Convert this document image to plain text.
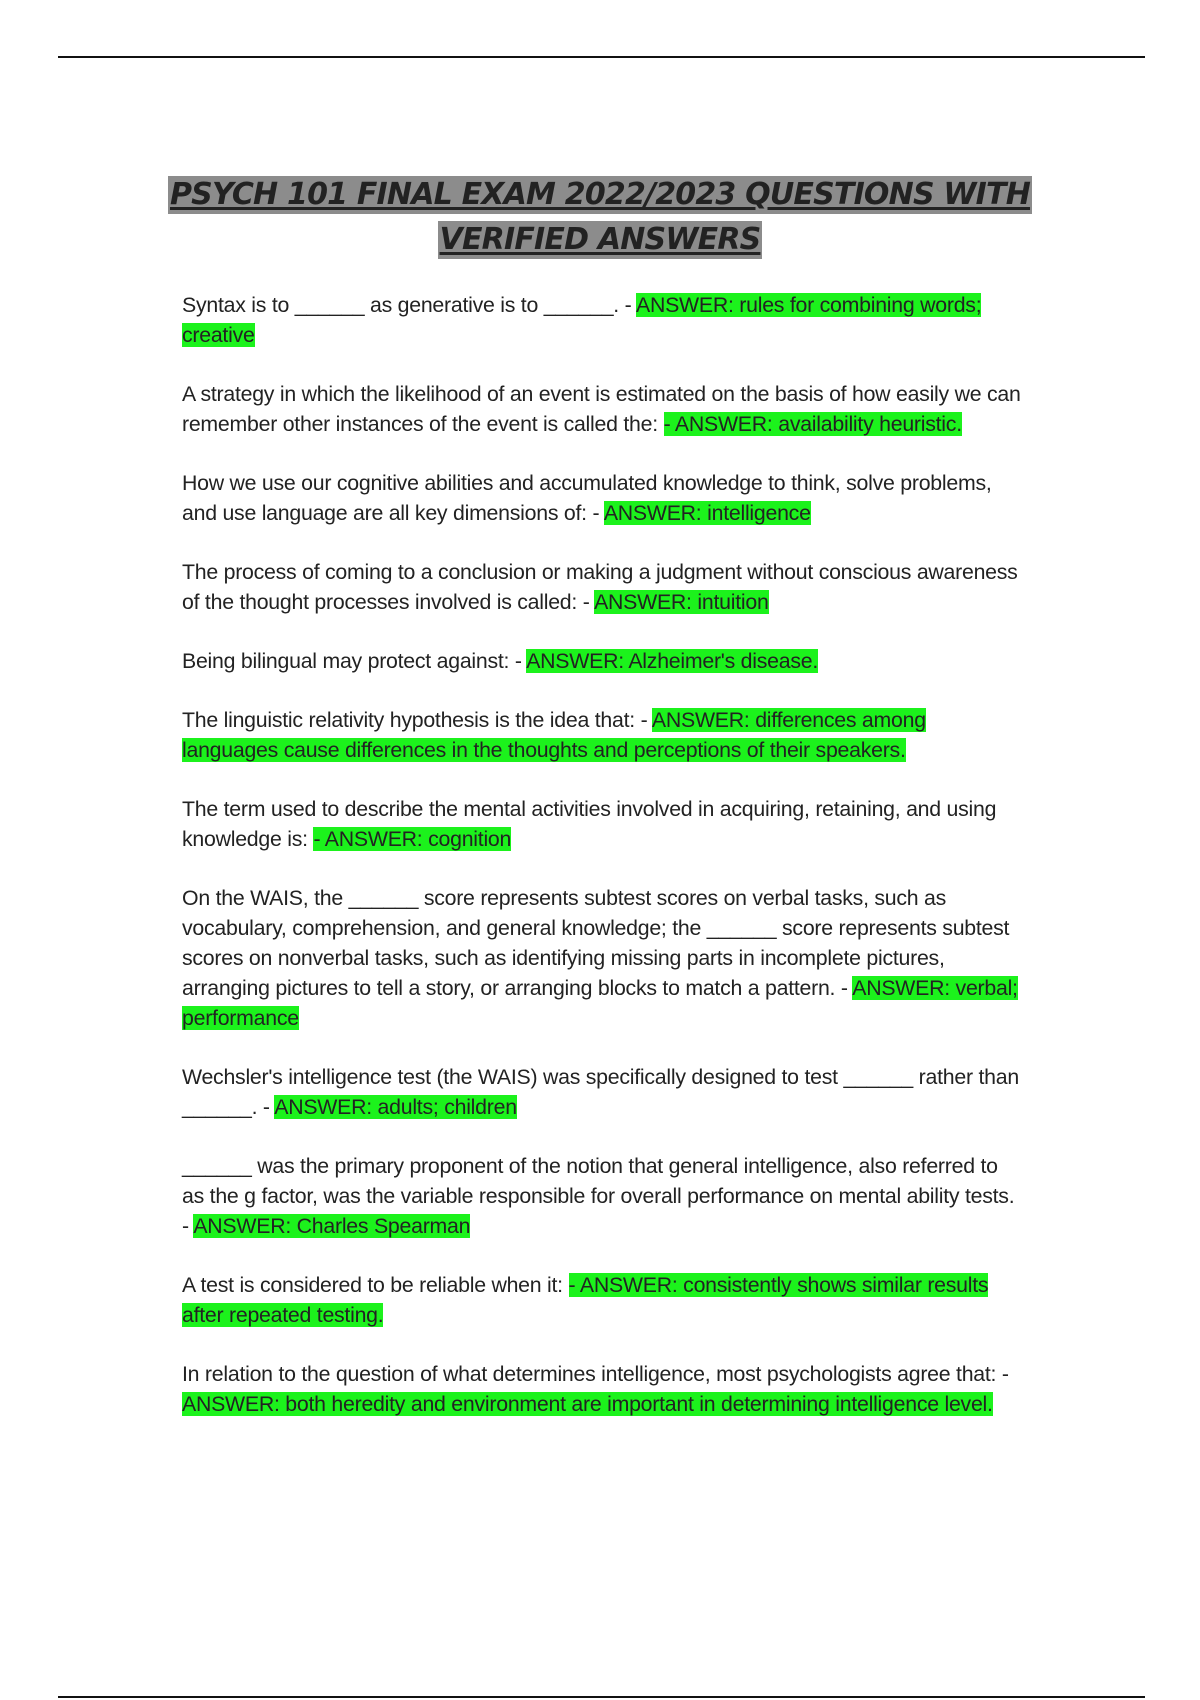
PSYCH 101 FINAL EXAM 2022/2023 QUESTIONS WITH
VERIFIED ANSWERS

Syntax is to ______ as generative is to ______. - ANSWER: rules for combining words; creative

A strategy in which the likelihood of an event is estimated on the basis of how easily we can remember other instances of the event is called the: - ANSWER: availability heuristic.

How we use our cognitive abilities and accumulated knowledge to think, solve problems, and use language are all key dimensions of: - ANSWER: intelligence

The process of coming to a conclusion or making a judgment without conscious awareness of the thought processes involved is called: - ANSWER: intuition

Being bilingual may protect against: - ANSWER: Alzheimer's disease.

The linguistic relativity hypothesis is the idea that: - ANSWER: differences among languages cause differences in the thoughts and perceptions of their speakers.

The term used to describe the mental activities involved in acquiring, retaining, and using knowledge is: - ANSWER: cognition

On the WAIS, the ______ score represents subtest scores on verbal tasks, such as vocabulary, comprehension, and general knowledge; the ______ score represents subtest scores on nonverbal tasks, such as identifying missing parts in incomplete pictures, arranging pictures to tell a story, or arranging blocks to match a pattern. - ANSWER: verbal; performance

Wechsler's intelligence test (the WAIS) was specifically designed to test ______ rather than ______. - ANSWER: adults; children

______ was the primary proponent of the notion that general intelligence, also referred to as the g factor, was the variable responsible for overall performance on mental ability tests. - ANSWER: Charles Spearman

A test is considered to be reliable when it: - ANSWER: consistently shows similar results after repeated testing.

In relation to the question of what determines intelligence, most psychologists agree that: - ANSWER: both heredity and environment are important in determining intelligence level.
